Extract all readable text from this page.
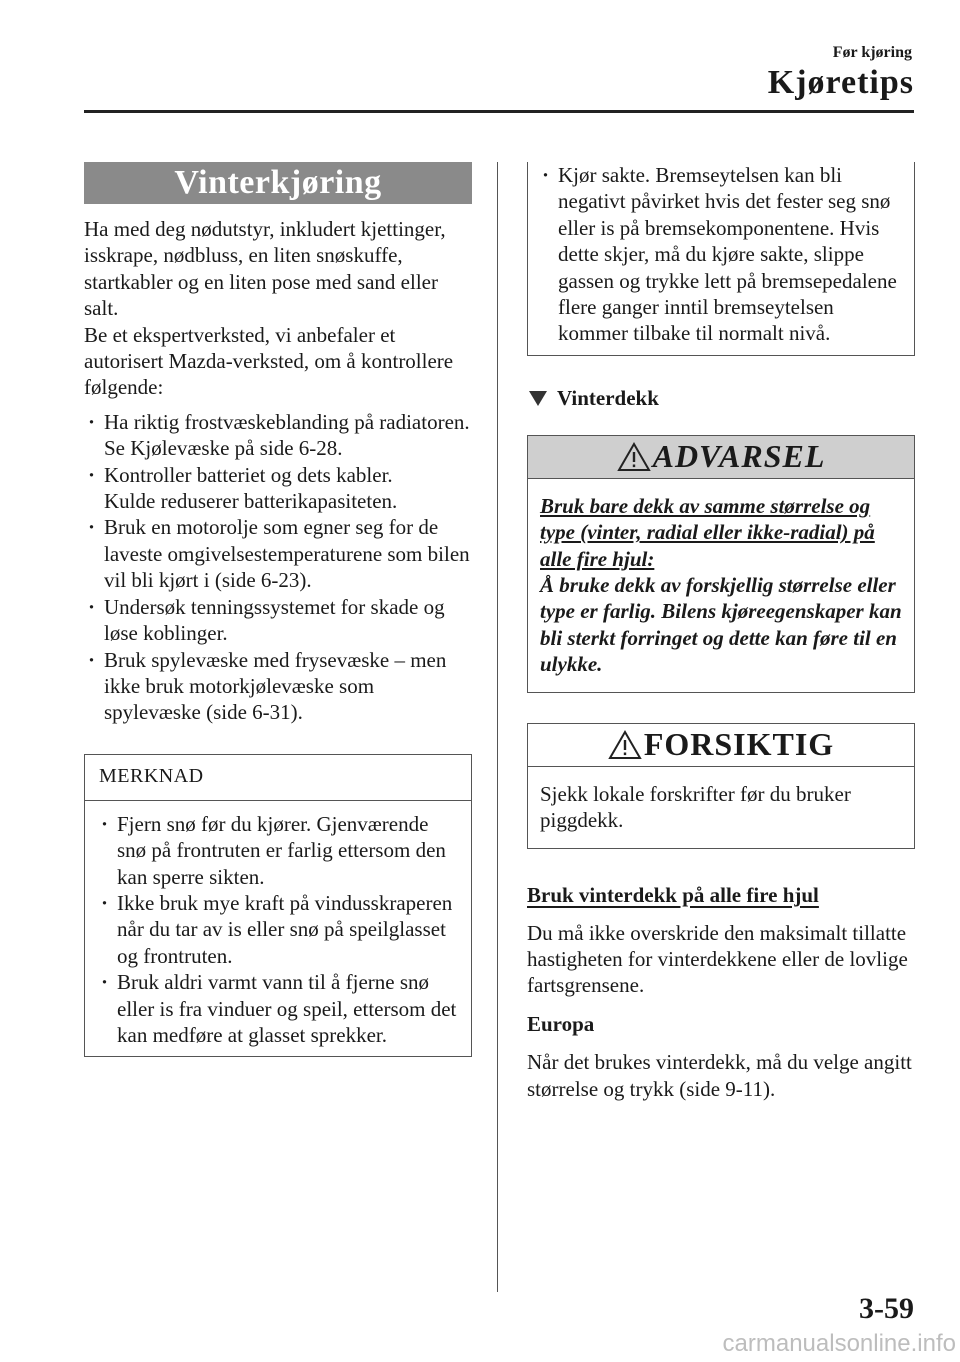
Før kjøring
Kjøretips
Vinterkjøring

Ha med deg nødutstyr, inkludert kjettinger, isskrape, nødbluss, en liten snøskuffe, startkabler og en liten pose med sand eller salt.

Be et ekspertverksted, vi anbefaler et autorisert Mazda-verksted, om å kontrollere følgende:

· Ha riktig frostvæskeblanding på radiatoren.
Se Kjølevæske på side 6-28.
· Kontroller batteriet og dets kabler.
Kulde reduserer batterikapasiteten.
· Bruk en motorolje som egner seg for de laveste omgivelsestemperaturene som bilen vil bli kjørt i (side 6-23).
· Undersøk tenningssystemet for skade og løse koblinger.
· Bruk spylevæske med frysevæske – men ikke bruk motorkjølevæske som spylevæske (side 6-31).
MERKNAD
· Fjern snø før du kjører. Gjenværende snø på frontruten er farlig ettersom den kan sperre sikten.
· Ikke bruk mye kraft på vindusskraperen når du tar av is eller snø på speilglasset og frontruten.
· Bruk aldri varmt vann til å fjerne snø eller is fra vinduer og speil, ettersom det kan medføre at glasset sprekker.
· Kjør sakte. Bremseytelsen kan bli negativt påvirket hvis det fester seg snø eller is på bremsekomponentene. Hvis dette skjer, må du kjøre sakte, slippe gassen og trykke lett på bremsepedalene flere ganger inntil bremseytelsen kommer tilbake til normalt nivå.
Vinterdekk
ADVARSEL
Bruk bare dekk av samme størrelse og type (vinter, radial eller ikke-radial) på alle fire hjul:
Å bruke dekk av forskjellig størrelse eller type er farlig. Bilens kjøreegenskaper kan bli sterkt forringet og dette kan føre til en ulykke.
FORSIKTIG
Sjekk lokale forskrifter før du bruker piggdekk.
Bruk vinterdekk på alle fire hjul

Du må ikke overskride den maksimalt tillatte hastigheten for vinterdekkene eller de lovlige fartsgrensene.

Europa

Når det brukes vinterdekk, må du velge angitt størrelse og trykk (side 9-11).

3-59
carmanualsonline.info
